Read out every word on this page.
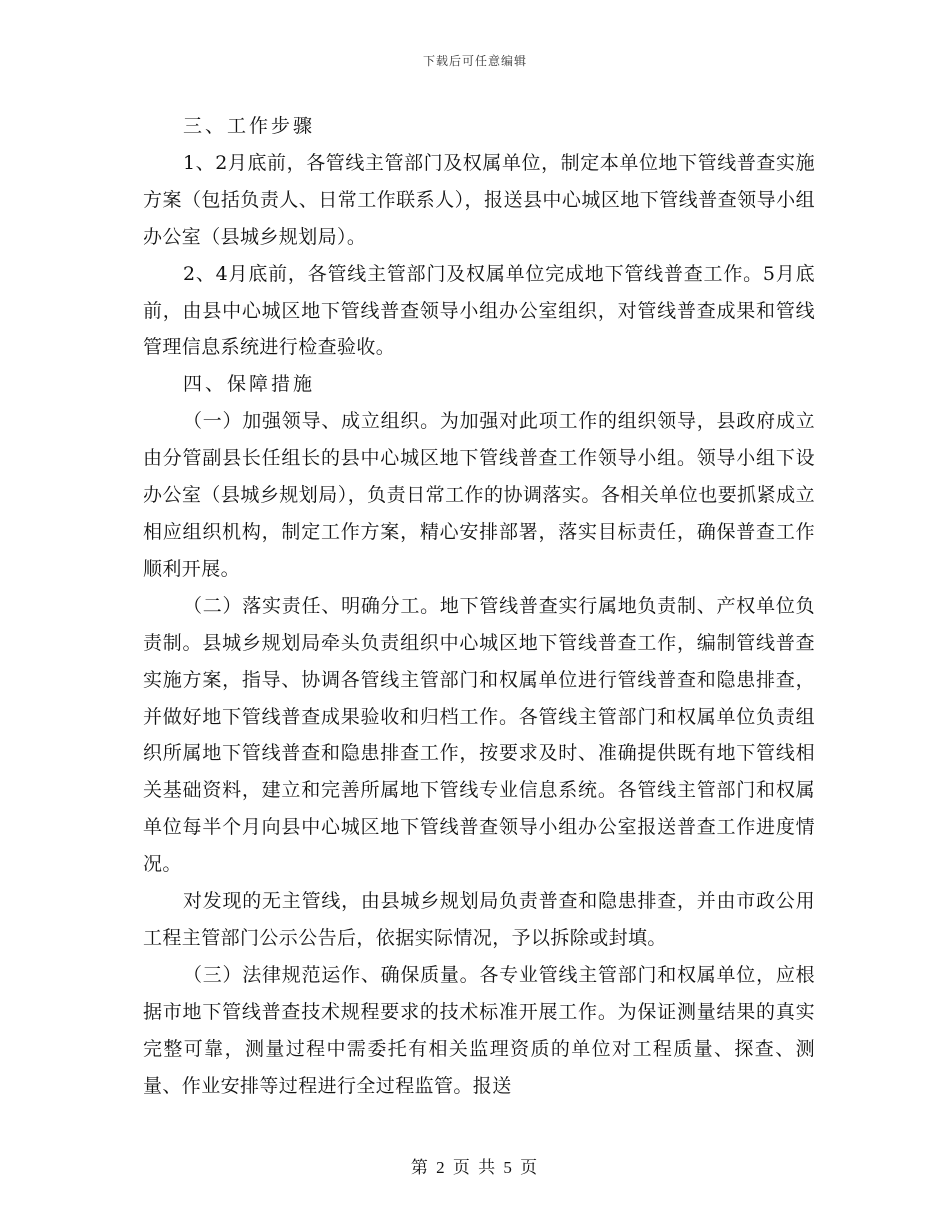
下载后可任意编辑

三、工作步骤

1、2月底前，各管线主管部门及权属单位，制定本单位地下管线普查实施方案（包括负责人、日常工作联系人），报送县中心城区地下管线普查领导小组办公室（县城乡规划局）。

2、4月底前，各管线主管部门及权属单位完成地下管线普查工作。5月底前，由县中心城区地下管线普查领导小组办公室组织，对管线普查成果和管线管理信息系统进行检查验收。

四、保障措施

（一）加强领导、成立组织。为加强对此项工作的组织领导，县政府成立由分管副县长任组长的县中心城区地下管线普查工作领导小组。领导小组下设办公室（县城乡规划局），负责日常工作的协调落实。各相关单位也要抓紧成立相应组织机构，制定工作方案，精心安排部署，落实目标责任，确保普查工作顺利开展。

（二）落实责任、明确分工。地下管线普查实行属地负责制、产权单位负责制。县城乡规划局牵头负责组织中心城区地下管线普查工作，编制管线普查实施方案，指导、协调各管线主管部门和权属单位进行管线普查和隐患排查，并做好地下管线普查成果验收和归档工作。各管线主管部门和权属单位负责组织所属地下管线普查和隐患排查工作，按要求及时、准确提供既有地下管线相关基础资料，建立和完善所属地下管线专业信息系统。各管线主管部门和权属单位每半个月向县中心城区地下管线普查领导小组办公室报送普查工作进度情况。

对发现的无主管线，由县城乡规划局负责普查和隐患排查，并由市政公用工程主管部门公示公告后，依据实际情况，予以拆除或封填。

（三）法律规范运作、确保质量。各专业管线主管部门和权属单位，应根据市地下管线普查技术规程要求的技术标准开展工作。为保证测量结果的真实完整可靠，测量过程中需委托有相关监理资质的单位对工程质量、探查、测量、作业安排等过程进行全过程监管。报送

第 2 页 共 5 页
